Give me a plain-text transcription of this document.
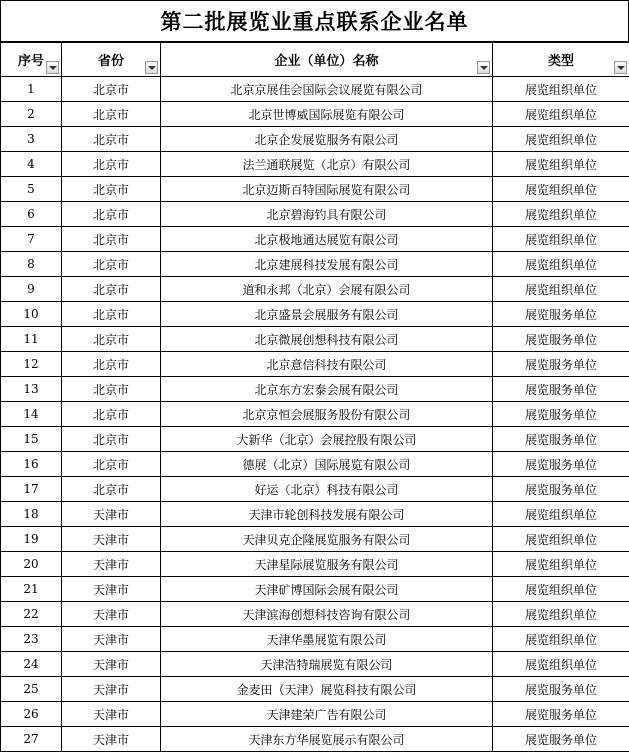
第二批展览业重点联系企业名单
序号	省份	企业（单位）名称	类型

1	北京市	北京京展佳会国际会议展览有限公司	展览组织单位
2	北京市	北京世博威国际展览有限公司	展览组织单位
3	北京市	北京企发展览服务有限公司	展览组织单位
4	北京市	法兰通联展览（北京）有限公司	展览组织单位
5	北京市	北京迈斯百特国际展览有限公司	展览组织单位
6	北京市	北京碧海钓具有限公司	展览组织单位
7	北京市	北京极地通达展览有限公司	展览组织单位
8	北京市	北京建展科技发展有限公司	展览组织单位
9	北京市	道和永邦（北京）会展有限公司	展览组织单位
10	北京市	北京盛景会展服务有限公司	展览服务单位
11	北京市	北京微展创想科技有限公司	展览服务单位
12	北京市	北京意信科技有限公司	展览服务单位
13	北京市	北京东方宏泰会展有限公司	展览服务单位
14	北京市	北京京恒会展服务股份有限公司	展览服务单位
15	北京市	大新华（北京）会展控股有限公司	展览服务单位
16	北京市	德展（北京）国际展览有限公司	展览服务单位
17	北京市	好运（北京）科技有限公司	展览服务单位
18	天津市	天津市轮创科技发展有限公司	展览组织单位
19	天津市	天津贝克企隆展览服务有限公司	展览组织单位
20	天津市	天津星际展览服务有限公司	展览组织单位
21	天津市	天津矿博国际会展有限公司	展览组织单位
22	天津市	天津滨海创想科技咨询有限公司	展览组织单位
23	天津市	天津华墨展览有限公司	展览组织单位
24	天津市	天津浩特瑞展览有限公司	展览组织单位
25	天津市	金麦田（天津）展览科技有限公司	展览服务单位
26	天津市	天津建荣广告有限公司	展览服务单位
27	天津市	天津东方华展览展示有限公司	展览服务单位
